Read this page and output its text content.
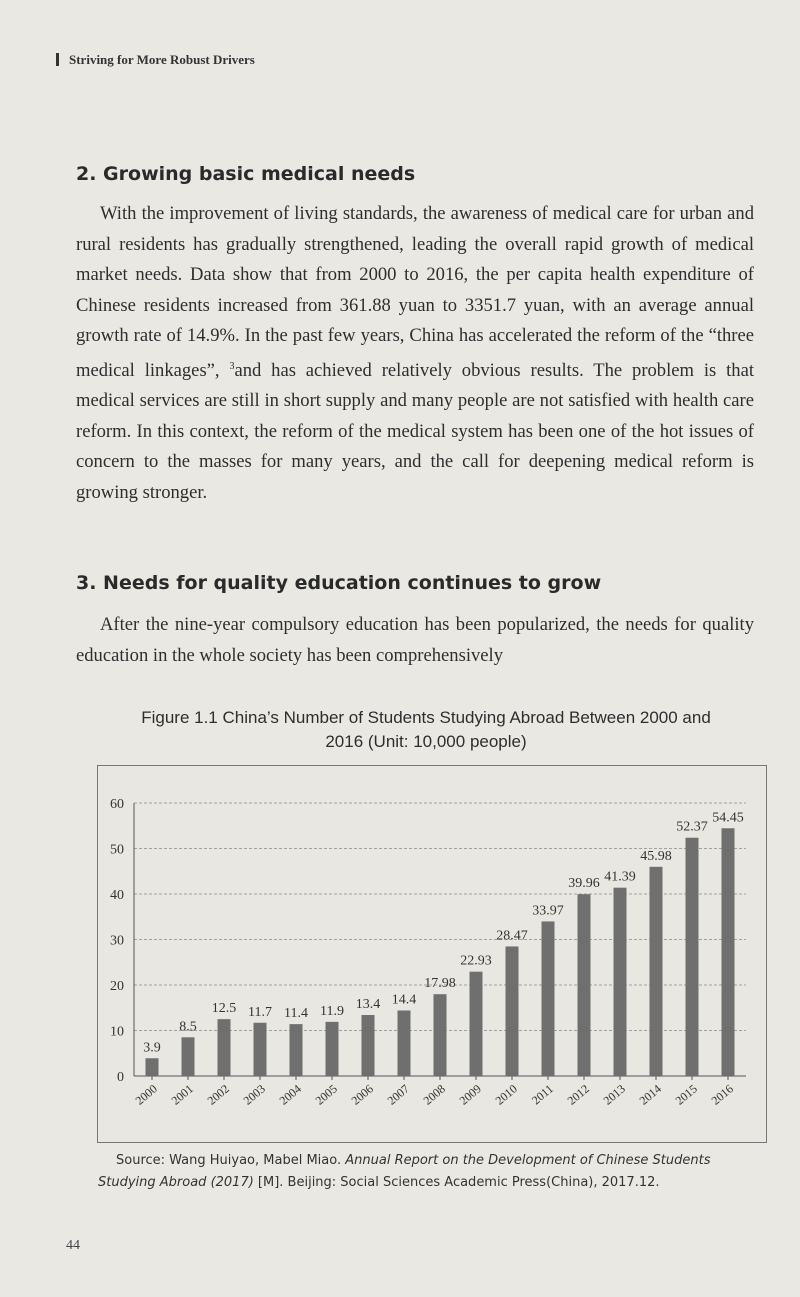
Striving for More Robust Drivers
2. Growing basic medical needs

With the improvement of living standards, the awareness of medical care for urban and rural residents has gradually strengthened, leading the overall rapid growth of medical market needs. Data show that from 2000 to 2016, the per capita health expenditure of Chinese residents increased from 361.88 yuan to 3351.7 yuan, with an average annual growth rate of 14.9%. In the past few years, China has accelerated the reform of the “three medical linkages”, $^3$and has achieved relatively obvious results. The problem is that medical services are still in short supply and many people are not satisfied with health care reform. In this context, the reform of the medical system has been one of the hot issues of concern to the masses for many years, and the call for deepening medical reform is growing stronger.

3. Needs for quality education continues to grow

After the nine-year compulsory education has been popularized, the needs for quality education in the whole society has been comprehensively

Figure 1.1 China’s Number of Students Studying Abroad Between 2000 and
2016 (Unit: 10,000 people)
0
10
20
30
40
50
60
3.9
2000
8.5
2001
12.5
2002
11.7
2003
11.4
2004
11.9
2005
13.4
2006
14.4
2007
17.98
2008
22.93
2009
28.47
2010
33.97
2011
39.96
2012
41.39
2013
45.98
2014
52.37
2015
54.45
2016
Source: Wang Huiyao, Mabel Miao. Annual Report on the Development of Chinese Students
Studying Abroad (2017) [M]. Beijing: Social Sciences Academic Press(China), 2017.12.
44
